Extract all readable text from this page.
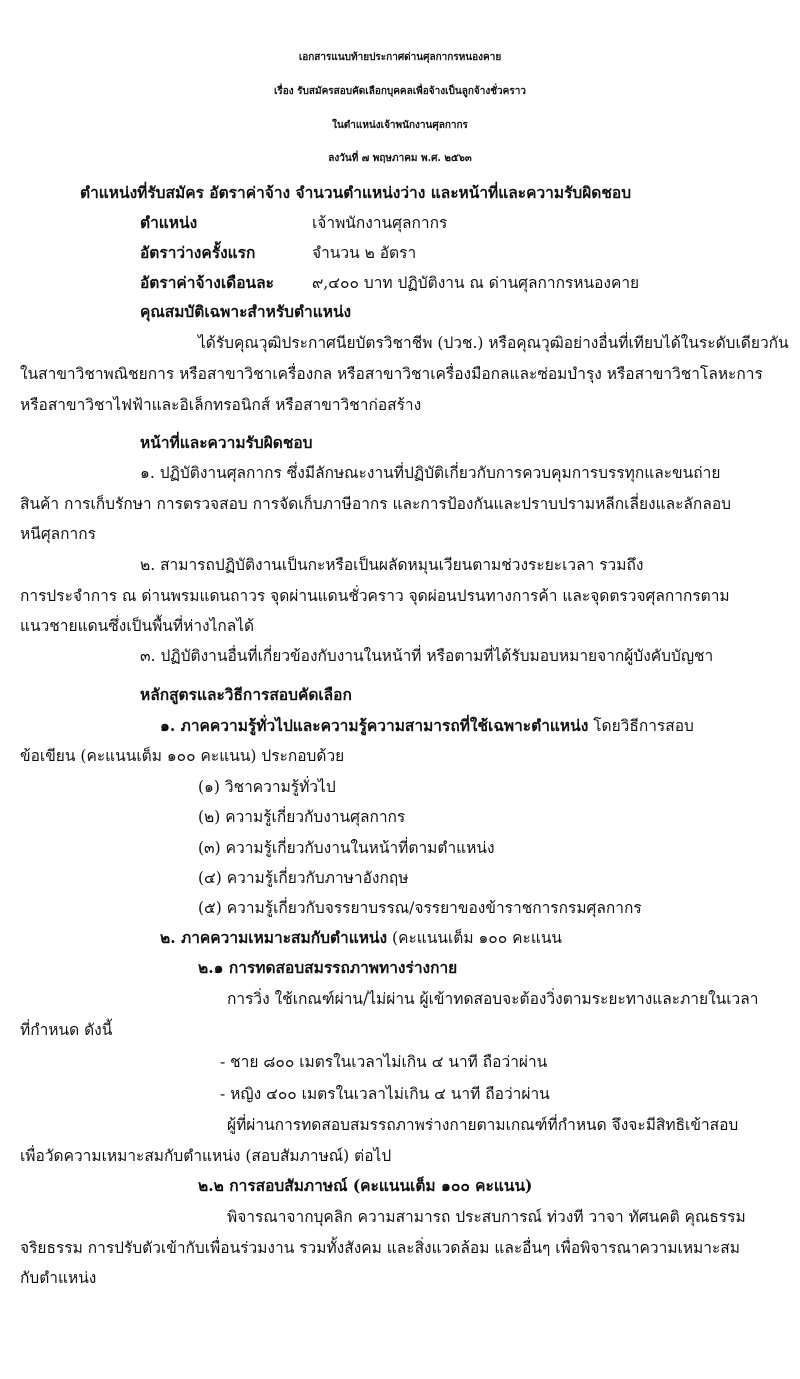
เอกสารแนบท้ายประกาศด่านศุลกากรหนองคาย
เรื่อง รับสมัครสอบคัดเลือกบุคคลเพื่อจ้างเป็นลูกจ้างชั่วคราว
ในตำแหน่งเจ้าพนักงานศุลกากร
ลงวันที่ ๗ พฤษภาคม พ.ศ. ๒๕๖๓
ตำแหน่งที่รับสมัคร อัตราค่าจ้าง จำนวนตำแหน่งว่าง และหน้าที่และความรับผิดชอบ
ตำแหน่ง	เจ้าพนักงานศุลกากร
อัตราว่างครั้งแรก	จำนวน ๒ อัตรา
อัตราค่าจ้างเดือนละ ๙,๔๐๐ บาท ปฏิบัติงาน ณ ด่านศุลกากรหนองคาย
คุณสมบัติเฉพาะสำหรับตำแหน่ง
ได้รับคุณวุฒิประกาศนียบัตรวิชาชีพ (ปวช.) หรือคุณวุฒิอย่างอื่นที่เทียบได้ในระดับเดียวกัน
ในสาขาวิชาพณิชยการ หรือสาขาวิชาเครื่องกล หรือสาขาวิชาเครื่องมือกลและซ่อมบำรุง หรือสาขาวิชาโลหะการ
หรือสาขาวิชาไฟฟ้าและอิเล็กทรอนิกส์ หรือสาขาวิชาก่อสร้าง
หน้าที่และความรับผิดชอบ
๑. ปฏิบัติงานศุลกากร ซึ่งมีลักษณะงานที่ปฏิบัติเกี่ยวกับการควบคุมการบรรทุกและขนถ่าย
สินค้า การเก็บรักษา การตรวจสอบ การจัดเก็บภาษีอากร และการป้องกันและปราบปรามหลีกเลี่ยงและลักลอบ
หนีศุลกากร
๒. สามารถปฏิบัติงานเป็นกะหรือเป็นผลัดหมุนเวียนตามช่วงระยะเวลา รวมถึง
การประจำการ ณ ด่านพรมแดนถาวร จุดผ่านแดนชั่วคราว จุดผ่อนปรนทางการค้า และจุดตรวจศุลกากรตาม
แนวชายแดนซึ่งเป็นพื้นที่ห่างไกลได้
๓. ปฏิบัติงานอื่นที่เกี่ยวข้องกับงานในหน้าที่ หรือตามที่ได้รับมอบหมายจากผู้บังคับบัญชา
หลักสูตรและวิธีการสอบคัดเลือก
๑. ภาคความรู้ทั่วไปและความรู้ความสามารถที่ใช้เฉพาะตำแหน่ง โดยวิธีการสอบ
ข้อเขียน (คะแนนเต็ม ๑๐๐ คะแนน) ประกอบด้วย
(๑) วิชาความรู้ทั่วไป
(๒) ความรู้เกี่ยวกับงานศุลกากร
(๓) ความรู้เกี่ยวกับงานในหน้าที่ตามตำแหน่ง
(๔) ความรู้เกี่ยวกับภาษาอังกฤษ
(๕) ความรู้เกี่ยวกับจรรยาบรรณ/จรรยาของข้าราชการกรมศุลกากร
๒. ภาคความเหมาะสมกับตำแหน่ง (คะแนนเต็ม ๑๐๐ คะแนน
๒.๑ การทดสอบสมรรถภาพทางร่างกาย
การวิ่ง ใช้เกณฑ์ผ่าน/ไม่ผ่าน ผู้เข้าทดสอบจะต้องวิ่งตามระยะทางและภายในเวลา
ที่กำหนด ดังนี้
- ชาย ๘๐๐ เมตรในเวลาไม่เกิน ๔ นาที ถือว่าผ่าน
- หญิง ๔๐๐ เมตรในเวลาไม่เกิน ๔ นาที ถือว่าผ่าน
ผู้ที่ผ่านการทดสอบสมรรถภาพร่างกายตามเกณฑ์ที่กำหนด จึงจะมีสิทธิเข้าสอบ
เพื่อวัดความเหมาะสมกับตำแหน่ง (สอบสัมภาษณ์) ต่อไป
๒.๒ การสอบสัมภาษณ์ (คะแนนเต็ม ๑๐๐ คะแนน)
พิจารณาจากบุคลิก ความสามารถ ประสบการณ์ ท่วงที วาจา ทัศนคติ คุณธรรม
จริยธรรม การปรับตัวเข้ากับเพื่อนร่วมงาน รวมทั้งสังคม และสิ่งแวดล้อม และอื่นๆ เพื่อพิจารณาความเหมาะสม
กับตำแหน่ง
